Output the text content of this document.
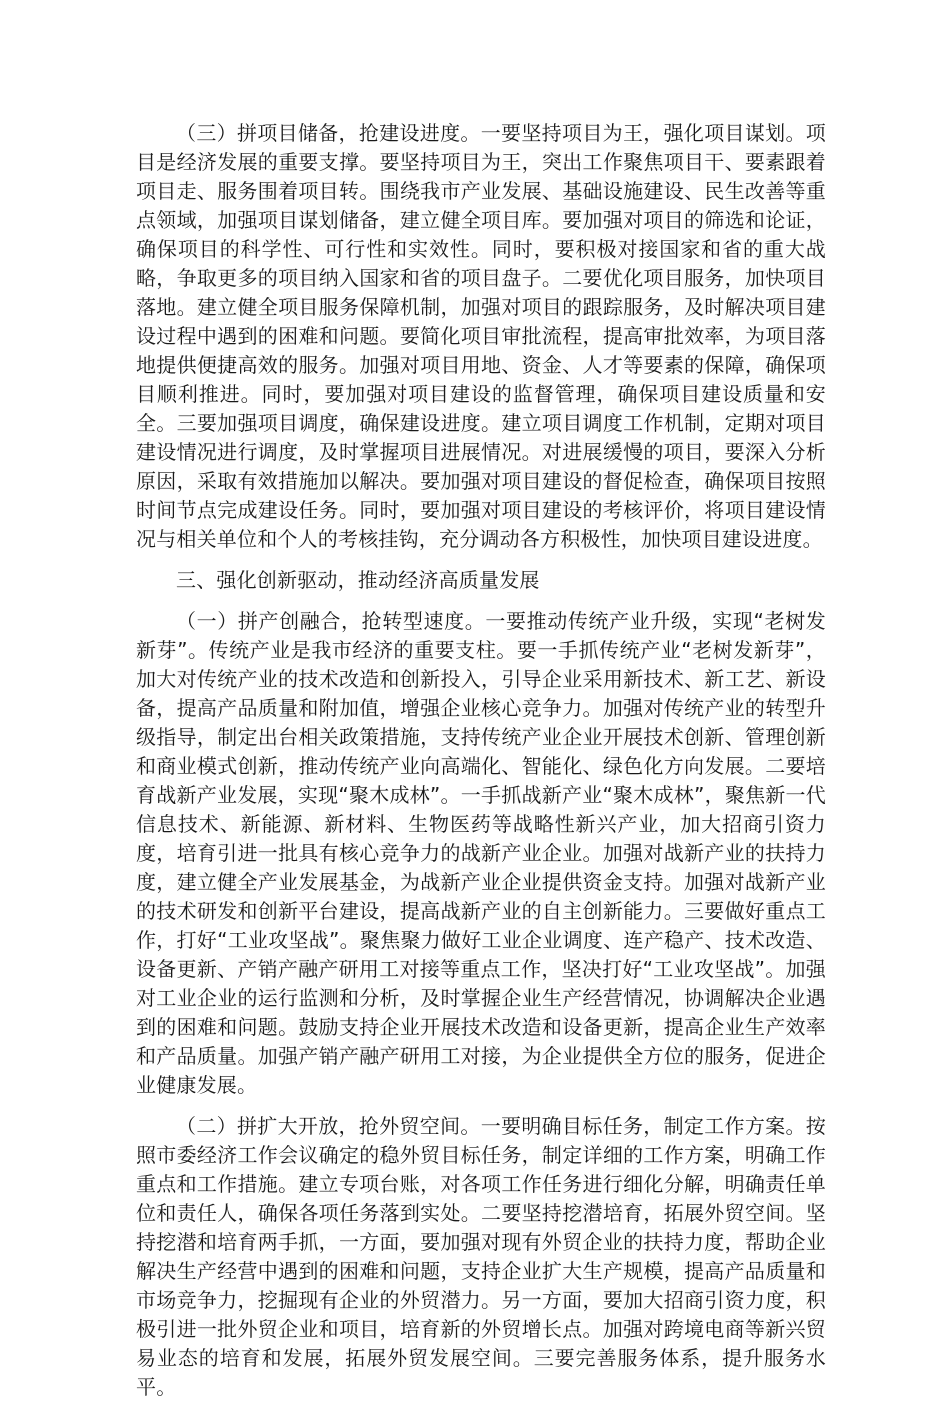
（三）拼项目储备，抢建设进度。一要坚持项目为王，强化项目谋划。项目是经济发展的重要支撑。要坚持项目为王，突出工作聚焦项目干、要素跟着项目走、服务围着项目转。围绕我市产业发展、基础设施建设、民生改善等重点领域，加强项目谋划储备，建立健全项目库。要加强对项目的筛选和论证，确保项目的科学性、可行性和实效性。同时，要积极对接国家和省的重大战略，争取更多的项目纳入国家和省的项目盘子。二要优化项目服务，加快项目落地。建立健全项目服务保障机制，加强对项目的跟踪服务，及时解决项目建设过程中遇到的困难和问题。要简化项目审批流程，提高审批效率，为项目落地提供便捷高效的服务。加强对项目用地、资金、人才等要素的保障，确保项目顺利推进。同时，要加强对项目建设的监督管理，确保项目建设质量和安全。三要加强项目调度，确保建设进度。建立项目调度工作机制，定期对项目建设情况进行调度，及时掌握项目进展情况。对进展缓慢的项目，要深入分析原因，采取有效措施加以解决。要加强对项目建设的督促检查，确保项目按照时间节点完成建设任务。同时，要加强对项目建设的考核评价，将项目建设情况与相关单位和个人的考核挂钩，充分调动各方积极性，加快项目建设进度。

三、强化创新驱动，推动经济高质量发展

（一）拼产创融合，抢转型速度。一要推动传统产业升级，实现“老树发新芽”。传统产业是我市经济的重要支柱。要一手抓传统产业“老树发新芽”，加大对传统产业的技术改造和创新投入，引导企业采用新技术、新工艺、新设备，提高产品质量和附加值，增强企业核心竞争力。加强对传统产业的转型升级指导，制定出台相关政策措施，支持传统产业企业开展技术创新、管理创新和商业模式创新，推动传统产业向高端化、智能化、绿色化方向发展。二要培育战新产业发展，实现“聚木成林”。一手抓战新产业“聚木成林”，聚焦新一代信息技术、新能源、新材料、生物医药等战略性新兴产业，加大招商引资力度，培育引进一批具有核心竞争力的战新产业企业。加强对战新产业的扶持力度，建立健全产业发展基金，为战新产业企业提供资金支持。加强对战新产业的技术研发和创新平台建设，提高战新产业的自主创新能力。三要做好重点工作，打好“工业攻坚战”。聚焦聚力做好工业企业调度、连产稳产、技术改造、设备更新、产销产融产研用工对接等重点工作，坚决打好“工业攻坚战”。加强对工业企业的运行监测和分析，及时掌握企业生产经营情况，协调解决企业遇到的困难和问题。鼓励支持企业开展技术改造和设备更新，提高企业生产效率和产品质量。加强产销产融产研用工对接，为企业提供全方位的服务，促进企业健康发展。

（二）拼扩大开放，抢外贸空间。一要明确目标任务，制定工作方案。按照市委经济工作会议确定的稳外贸目标任务，制定详细的工作方案，明确工作重点和工作措施。建立专项台账，对各项工作任务进行细化分解，明确责任单位和责任人，确保各项任务落到实处。二要坚持挖潜培育，拓展外贸空间。坚持挖潜和培育两手抓，一方面，要加强对现有外贸企业的扶持力度，帮助企业解决生产经营中遇到的困难和问题，支持企业扩大生产规模，提高产品质量和市场竞争力，挖掘现有企业的外贸潜力。另一方面，要加大招商引资力度，积极引进一批外贸企业和项目，培育新的外贸增长点。加强对跨境电商等新兴贸易业态的培育和发展，拓展外贸发展空间。三要完善服务体系，提升服务水平。
